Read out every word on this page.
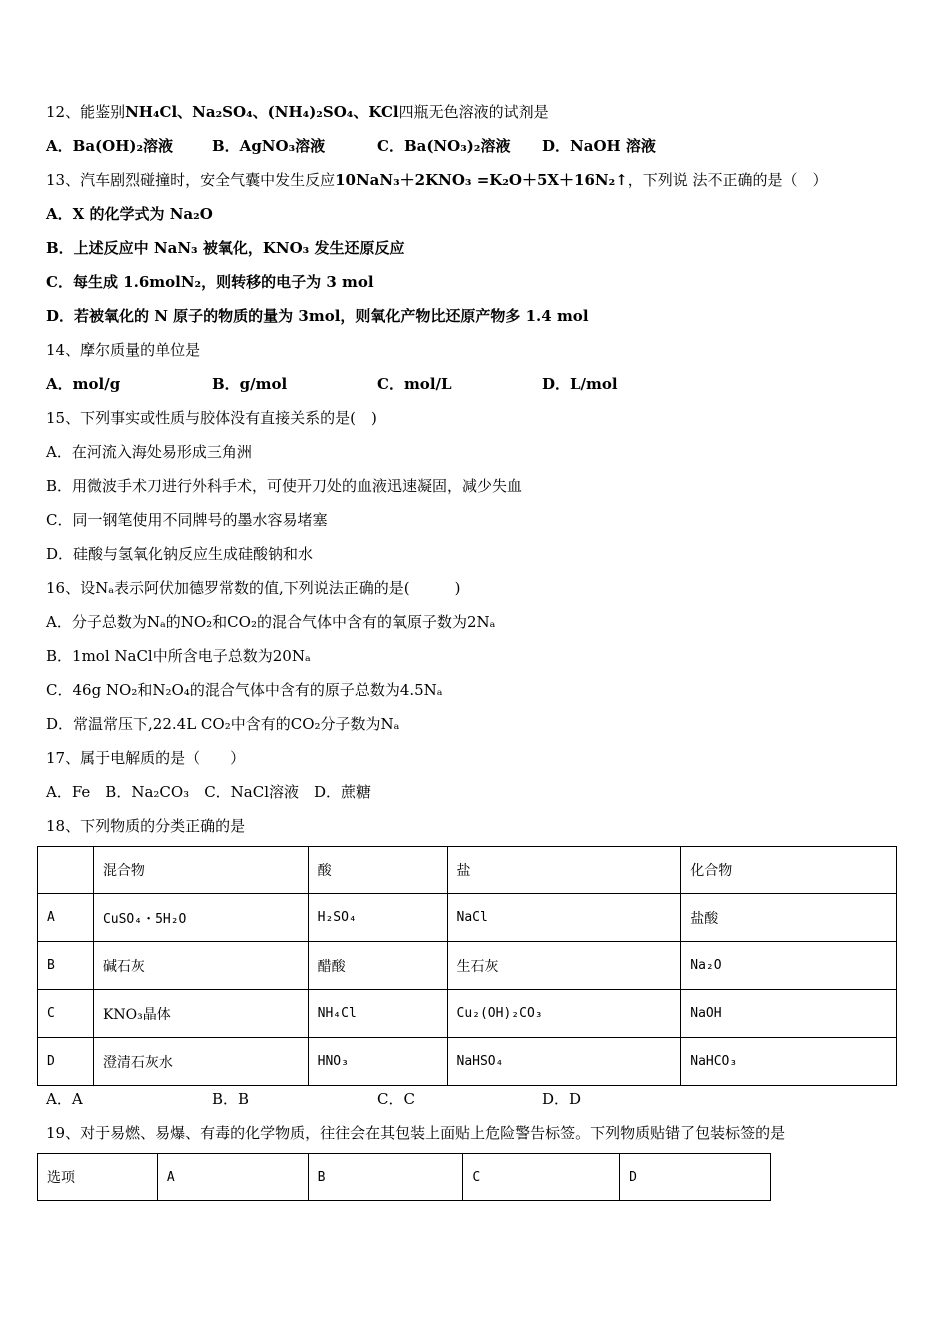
12、能鉴别NH₄Cl、Na₂SO₄、(NH₄)₂SO₄、KCl四瓶无色溶液的试剂是
A．Ba(OH)₂溶液	B．AgNO₃溶液	C．Ba(NO₃)₂溶液 D．NaOH 溶液
13、汽车剧烈碰撞时，安全气囊中发生反应10NaN₃＋2KNO₃ =K₂O＋5X＋16N₂↑，下列说 法不正确的是（　）
A．X 的化学式为 Na₂O
B．上述反应中 NaN₃ 被氧化，KNO₃ 发生还原反应
C．每生成 1.6molN₂，则转移的电子为 3 mol
D．若被氧化的 N 原子的物质的量为 3mol，则氧化产物比还原产物多 1.4 mol
14、摩尔质量的单位是
A．mol/g	B．g/mol	C．mol/L	D．L/mol
15、下列事实或性质与胶体没有直接关系的是(　)
A．在河流入海处易形成三角洲
B．用微波手术刀进行外科手术，可使开刀处的血液迅速凝固，减少失血
C．同一钢笔使用不同牌号的墨水容易堵塞
D．硅酸与氢氧化钠反应生成硅酸钠和水
16、设Nₐ表示阿伏加德罗常数的值,下列说法正确的是(　　　)
A．分子总数为Nₐ的NO₂和CO₂的混合气体中含有的氧原子数为2Nₐ
B．1mol NaCl中所含电子总数为20Nₐ
C．46g NO₂和N₂O₄的混合气体中含有的原子总数为4.5Nₐ
D．常温常压下,22.4L CO₂中含有的CO₂分子数为Nₐ
17、属于电解质的是（　　）
A．Fe　B．Na₂CO₃　C．NaCl溶液　D．蔗糖
18、下列物质的分类正确的是
	混合物	酸	盐	化合物
A	CuSO₄・5H₂O	H₂SO₄	NaCl	盐酸
B	碱石灰	醋酸	生石灰	Na₂O
C	KNO₃晶体	NH₄Cl	Cu₂(OH)₂CO₃	NaOH
D	澄清石灰水	HNO₃	NaHSO₄	NaHCO₃
A．A	B．B	C．C	D．D
19、对于易燃、易爆、有毒的化学物质，往往会在其包装上面贴上危险警告标签。下列物质贴错了包装标签的是
选项	A	B	C	D
